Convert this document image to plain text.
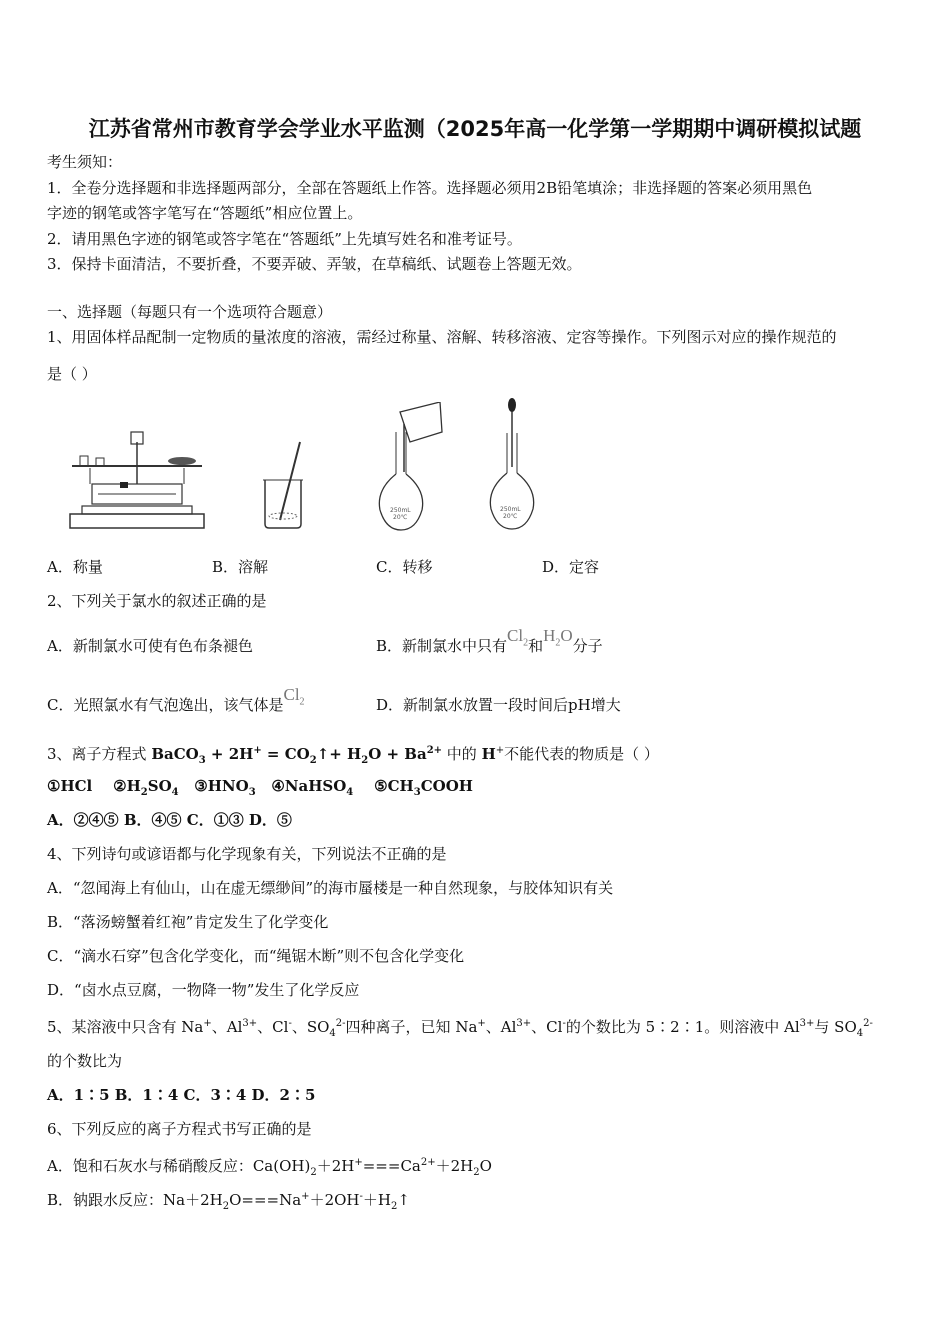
江苏省常州市教育学会学业水平监测（2025年高一化学第一学期期中调研模拟试题
考生须知：
1．全卷分选择题和非选择题两部分，全部在答题纸上作答。选择题必须用2B铅笔填涂；非选择题的答案必须用黑色
字迹的钢笔或答字笔写在“答题纸”相应位置上。
2．请用黑色字迹的钢笔或答字笔在“答题纸”上先填写姓名和准考证号。
3．保持卡面清洁，不要折叠，不要弄破、弄皱，在草稿纸、试题卷上答题无效。
一、选择题（每题只有一个选项符合题意）
1、用固体样品配制一定物质的量浓度的溶液，需经过称量、溶解、转移溶液、定容等操作。下列图示对应的操作规范的
是（ ）
250mL
20℃
250mL
20℃
A．称量	B．溶解	C．转移	D．定容
2、下列关于氯水的叙述正确的是
A．新制氯水可使有色布条褪色	B．新制氯水中只有$Cl_2$和$H_2O$分子
C．光照氯水有气泡逸出，该气体是$Cl_2$	D．新制氯水放置一段时间后pH增大
3、离子方程式 BaCO$_3$ + $2H^+ = CO_2↑+ H_2O + Ba^{2+}$ 中的 H+不能代表的物质是（ ）
①HCl $②H_2SO_4$ $③HNO_3$ ④NaHSO$_4$ $⑤CH_3COOH$
A．②④⑤ B．④⑤ C．①③ D．⑤
4、下列诗句或谚语都与化学现象有关，下列说法不正确的是
A．“忽闻海上有仙山，山在虚无缥缈间”的海市蜃楼是一种自然现象，与胶体知识有关
B．“落汤螃蟹着红袍”肯定发生了化学变化
C．“滴水石穿”包含化学变化，而“绳锯木断”则不包含化学变化
D．“卤水点豆腐，一物降一物”发生了化学反应
5、某溶液中只含有 Na+、$Al^{3+}$、Cl-、$SO_4^{2-}$四种离子，已知 Na+、$Al^{3+}$、Cl-的个数比为 5∶2∶1。则溶液中 $Al^{3+}$与 $SO_4^{2-}$
的个数比为
A．1∶5 B．1∶4 C．3∶4 D．2∶5
6、下列反应的离子方程式书写正确的是
A．饱和石灰水与稀硝酸反应：$Ca(OH)_2+2H^+===Ca^{2+}+2H_2O$
B．钠跟水反应：$Na+2H_2O===Na^++2OH^-+H_2↑$
